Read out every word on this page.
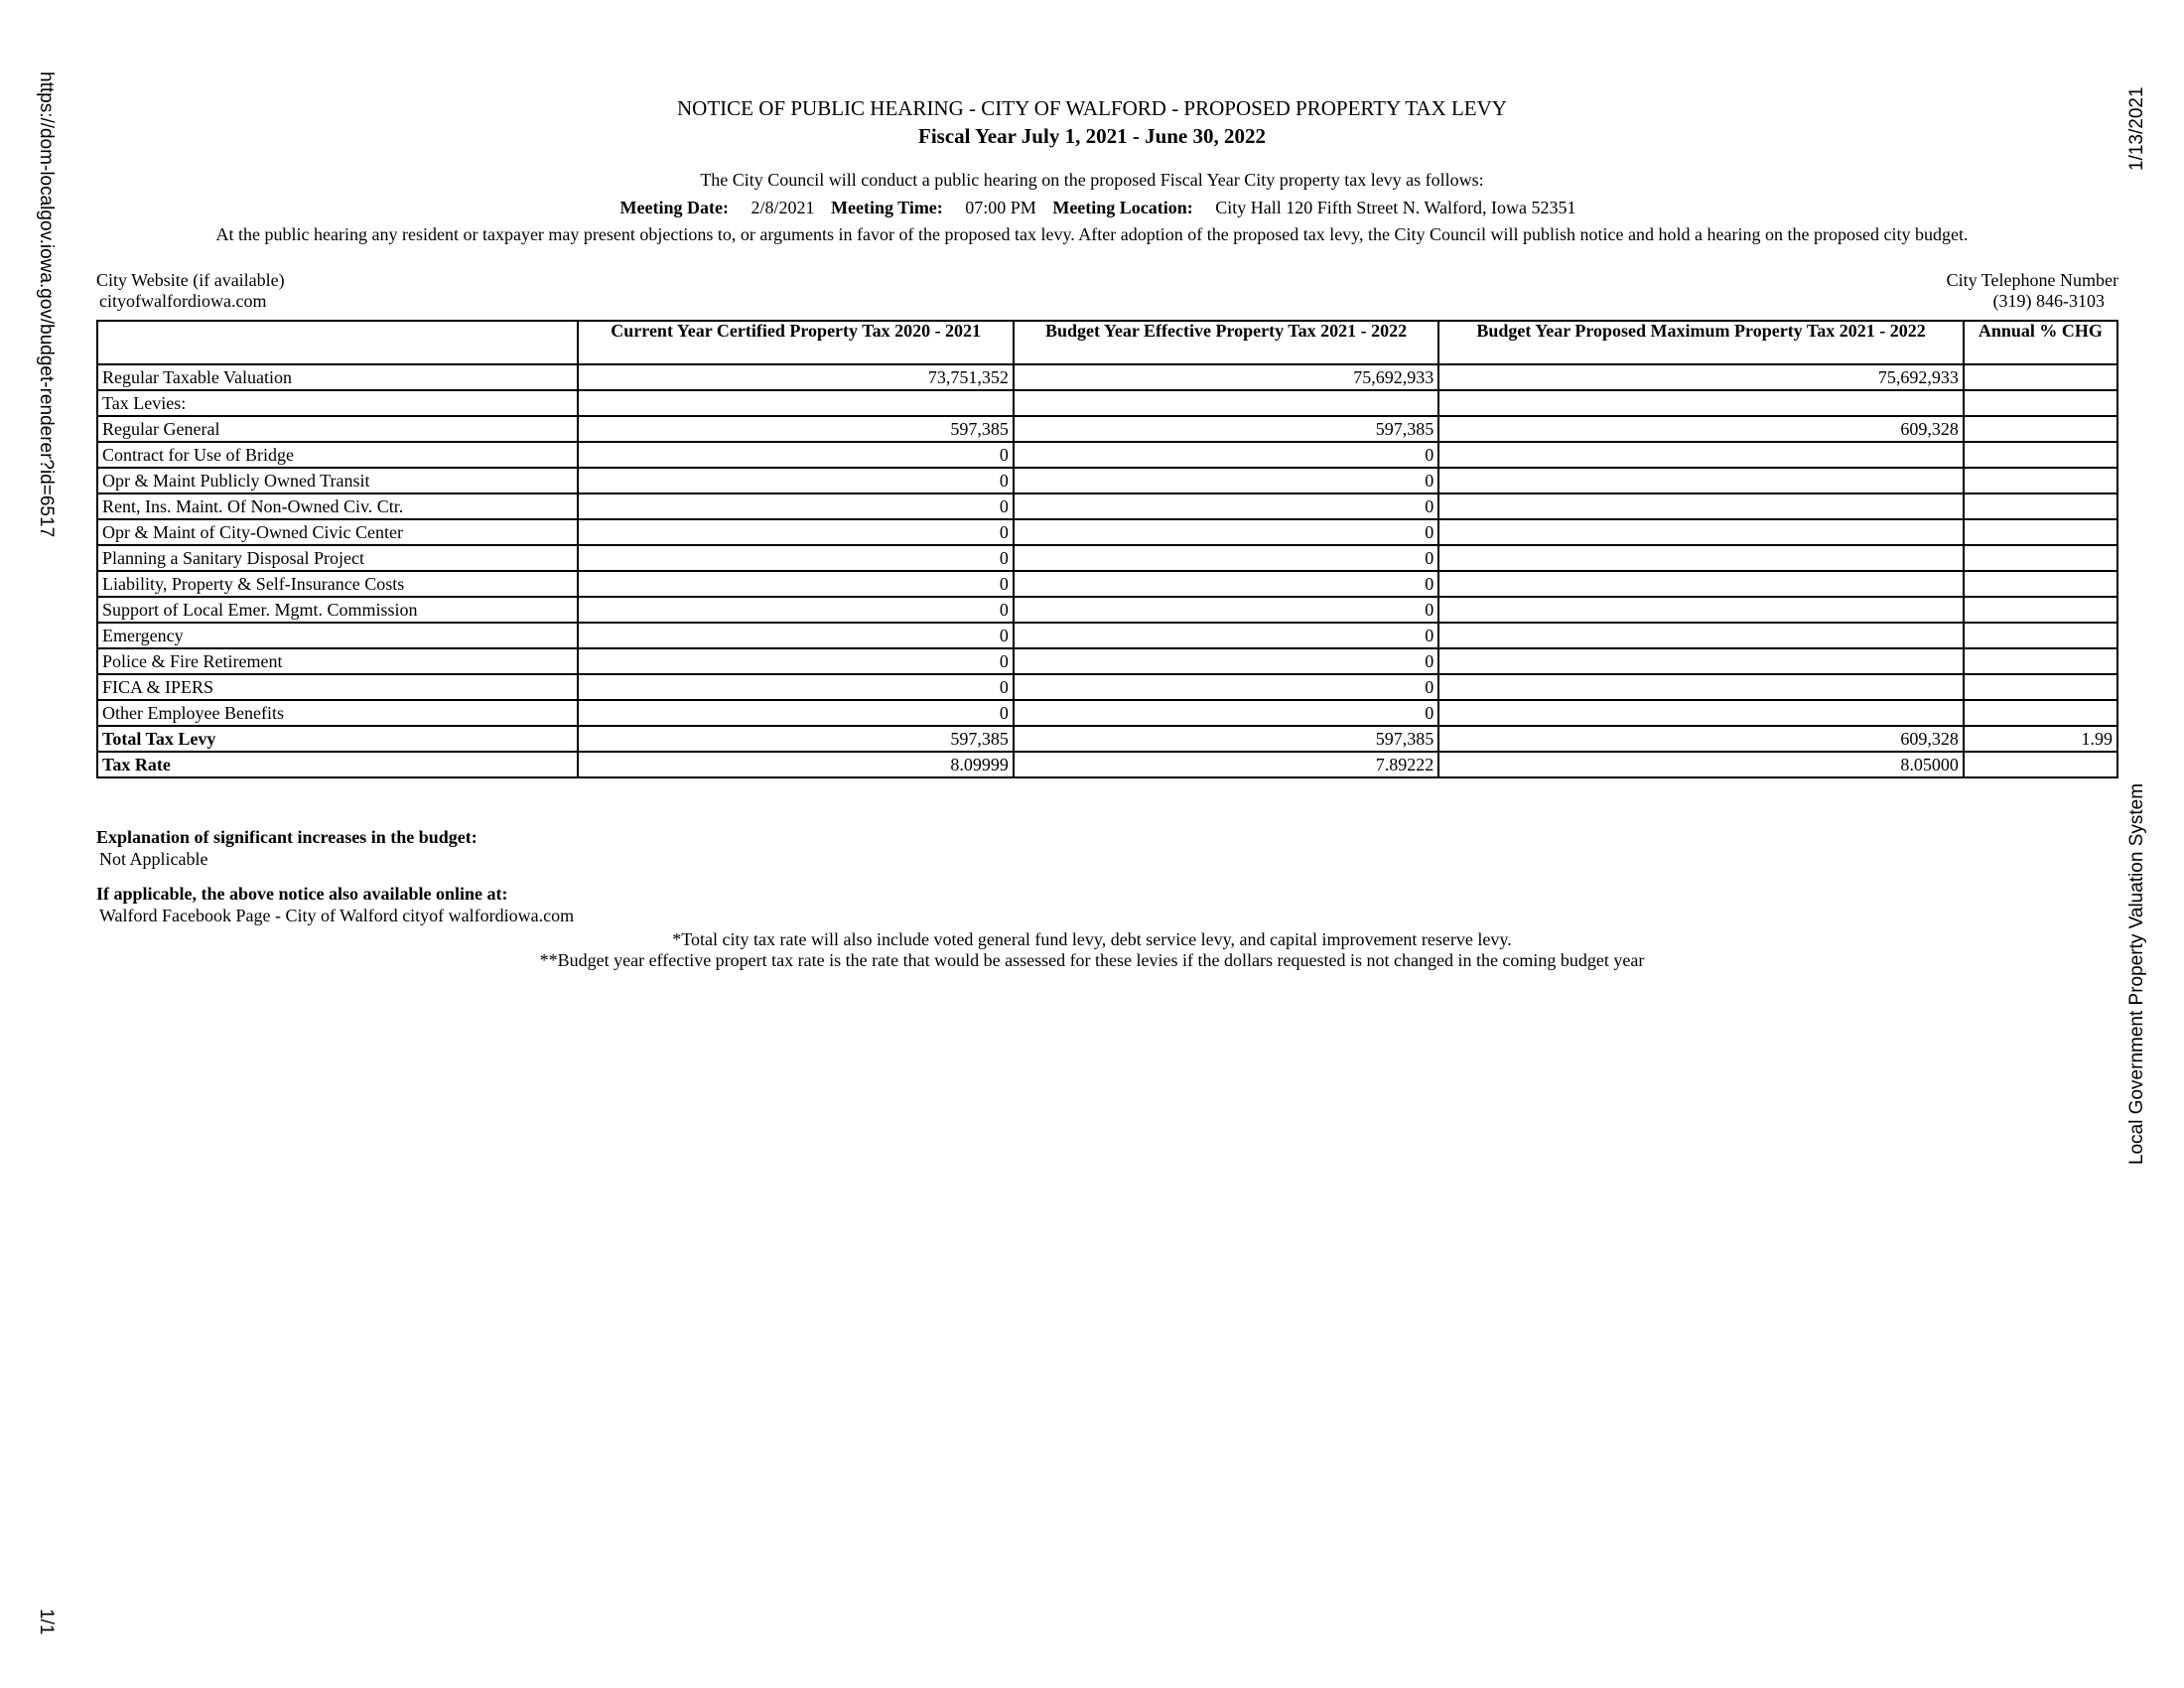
https://dom-localgov.iowa.gov/budget-renderer?id=6517
1/1
1/13/2021
Local Government Property Valuation System
NOTICE OF PUBLIC HEARING - CITY OF WALFORD - PROPOSED PROPERTY TAX LEVY
Fiscal Year July 1, 2021 - June 30, 2022
The City Council will conduct a public hearing on the proposed Fiscal Year City property tax levy as follows:
Meeting Date: 2/8/2021 Meeting Time: 07:00 PM Meeting Location: City Hall 120 Fifth Street N. Walford, Iowa 52351
At the public hearing any resident or taxpayer may present objections to, or arguments in favor of the proposed tax levy. After adoption of the proposed tax levy, the City Council will publish notice and hold a hearing on the proposed city budget.
City Website (if available)
cityofwalfordiowa.com
City Telephone Number
(319) 846-3103
	Current Year Certified Property Tax 2020 - 2021	Budget Year Effective Property Tax 2021 - 2022	Budget Year Proposed Maximum Property Tax 2021 - 2022	Annual % CHG
Regular Taxable Valuation	73,751,352	75,692,933	75,692,933	
Tax Levies:				
Regular General	597,385	597,385	609,328	
Contract for Use of Bridge	0	0		
Opr & Maint Publicly Owned Transit	0	0		
Rent, Ins. Maint. Of Non-Owned Civ. Ctr.	0	0		
Opr & Maint of City-Owned Civic Center	0	0		
Planning a Sanitary Disposal Project	0	0		
Liability, Property & Self-Insurance Costs	0	0		
Support of Local Emer. Mgmt. Commission	0	0		
Emergency	0	0		
Police & Fire Retirement	0	0		
FICA & IPERS	0	0		
Other Employee Benefits	0	0		
Total Tax Levy	597,385	597,385	609,328	1.99
Tax Rate	8.09999	7.89222	8.05000	
Explanation of significant increases in the budget:
Not Applicable
If applicable, the above notice also available online at:
Walford Facebook Page - City of Walford cityof walfordiowa.com
*Total city tax rate will also include voted general fund levy, debt service levy, and capital improvement reserve levy.
**Budget year effective propert tax rate is the rate that would be assessed for these levies if the dollars requested is not changed in the coming budget year
